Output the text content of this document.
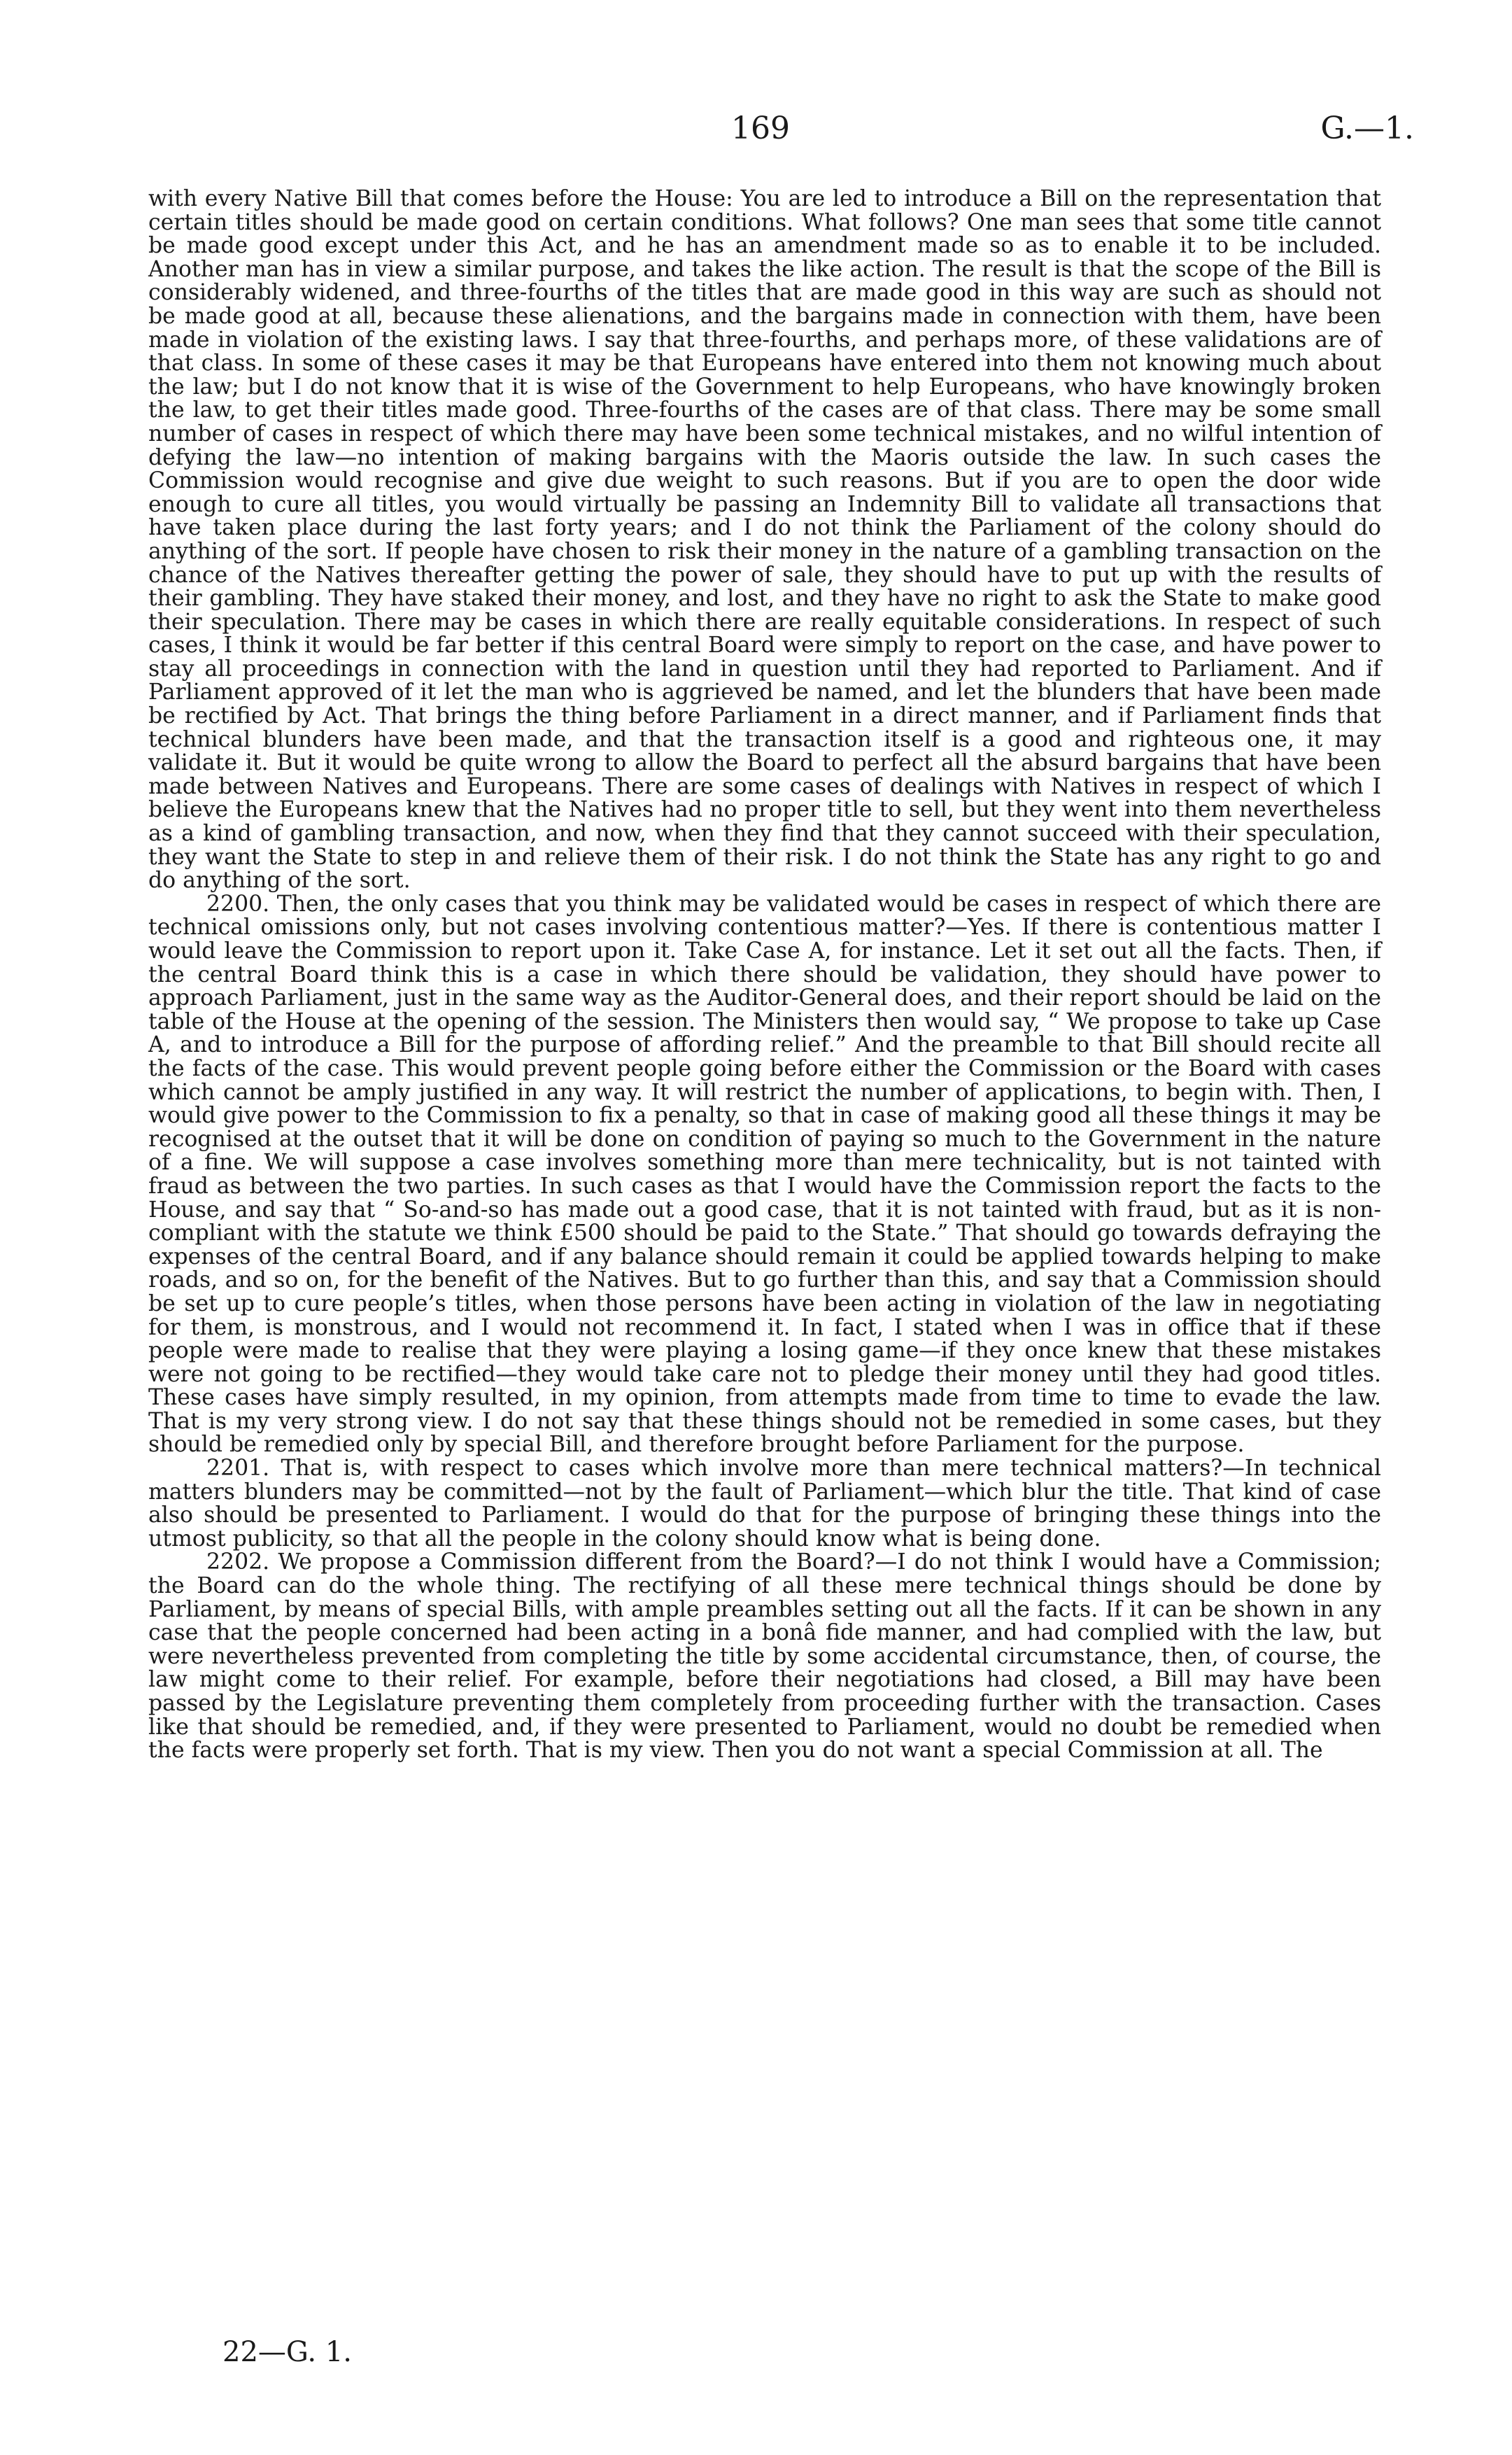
169	G.—1.

with every Native Bill that comes before the House: You are led to introduce a Bill on the representation that certain titles should be made good on certain conditions. What follows? One man sees that some title cannot be made good except under this Act, and he has an amendment made so as to enable it to be included. Another man has in view a similar purpose, and takes the like action. The result is that the scope of the Bill is considerably widened, and three-fourths of the titles that are made good in this way are such as should not be made good at all, because these alienations, and the bargains made in connection with them, have been made in violation of the existing laws. I say that three-fourths, and perhaps more, of these validations are of that class. In some of these cases it may be that Europeans have entered into them not knowing much about the law; but I do not know that it is wise of the Government to help Europeans, who have knowingly broken the law, to get their titles made good. Three-fourths of the cases are of that class. There may be some small number of cases in respect of which there may have been some technical mistakes, and no wilful intention of defying the law—no intention of making bargains with the Maoris outside the law. In such cases the Commission would recognise and give due weight to such reasons. But if you are to open the door wide enough to cure all titles, you would virtually be passing an Indemnity Bill to validate all transactions that have taken place during the last forty years; and I do not think the Parliament of the colony should do anything of the sort. If people have chosen to risk their money in the nature of a gambling transaction on the chance of the Natives thereafter getting the power of sale, they should have to put up with the results of their gambling. They have staked their money, and lost, and they have no right to ask the State to make good their speculation. There may be cases in which there are really equitable considerations. In respect of such cases, I think it would be far better if this central Board were simply to report on the case, and have power to stay all proceedings in connection with the land in question until they had reported to Parliament. And if Parliament approved of it let the man who is aggrieved be named, and let the blunders that have been made be rectified by Act. That brings the thing before Parliament in a direct manner, and if Parliament finds that technical blunders have been made, and that the transaction itself is a good and righteous one, it may validate it. But it would be quite wrong to allow the Board to perfect all the absurd bargains that have been made between Natives and Europeans. There are some cases of dealings with Natives in respect of which I believe the Europeans knew that the Natives had no proper title to sell, but they went into them nevertheless as a kind of gambling transaction, and now, when they find that they cannot succeed with their speculation, they want the State to step in and relieve them of their risk. I do not think the State has any right to go and do anything of the sort.

2200. Then, the only cases that you think may be validated would be cases in respect of which there are technical omissions only, but not cases involving contentious matter?—Yes. If there is contentious matter I would leave the Commission to report upon it. Take Case A, for instance. Let it set out all the facts. Then, if the central Board think this is a case in which there should be validation, they should have power to approach Parliament, just in the same way as the Auditor-General does, and their report should be laid on the table of the House at the opening of the session. The Ministers then would say, “ We propose to take up Case A, and to introduce a Bill for the purpose of affording relief.” And the preamble to that Bill should recite all the facts of the case. This would prevent people going before either the Commission or the Board with cases which cannot be amply justified in any way. It will restrict the number of applications, to begin with. Then, I would give power to the Commission to fix a penalty, so that in case of making good all these things it may be recognised at the outset that it will be done on condition of paying so much to the Government in the nature of a fine. We will suppose a case involves something more than mere technicality, but is not tainted with fraud as between the two parties. In such cases as that I would have the Commission report the facts to the House, and say that “ So-and-so has made out a good case, that it is not tainted with fraud, but as it is non-compliant with the statute we think £500 should be paid to the State.” That should go towards defraying the expenses of the central Board, and if any balance should remain it could be applied towards helping to make roads, and so on, for the benefit of the Natives. But to go further than this, and say that a Commission should be set up to cure people’s titles, when those persons have been acting in violation of the law in negotiating for them, is monstrous, and I would not recommend it. In fact, I stated when I was in office that if these people were made to realise that they were playing a losing game—if they once knew that these mistakes were not going to be rectified—they would take care not to pledge their money until they had good titles. These cases have simply resulted, in my opinion, from attempts made from time to time to evade the law. That is my very strong view. I do not say that these things should not be remedied in some cases, but they should be remedied only by special Bill, and therefore brought before Parliament for the purpose.

2201. That is, with respect to cases which involve more than mere technical matters?—In technical matters blunders may be committed—not by the fault of Parliament—which blur the title. That kind of case also should be presented to Parliament. I would do that for the purpose of bringing these things into the utmost publicity, so that all the people in the colony should know what is being done.

2202. We propose a Commission different from the Board?—I do not think I would have a Commission; the Board can do the whole thing. The rectifying of all these mere technical things should be done by Parliament, by means of special Bills, with ample preambles setting out all the facts. If it can be shown in any case that the people concerned had been acting in a bonâ fide manner, and had complied with the law, but were nevertheless prevented from completing the title by some accidental circumstance, then, of course, the law might come to their relief. For example, before their negotiations had closed, a Bill may have been passed by the Legislature preventing them completely from proceeding further with the transaction. Cases like that should be remedied, and, if they were presented to Parliament, would no doubt be remedied when the facts were properly set forth. That is my view. Then you do not want a special Commission at all. The

22—G. 1.
